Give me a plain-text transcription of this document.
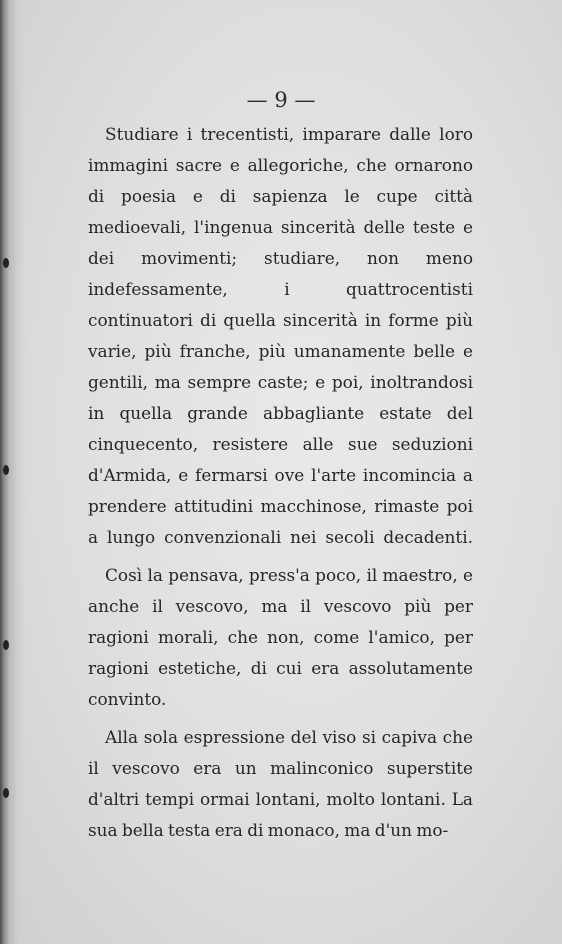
— 9 —

Studiare i trecentisti, imparare dalle loro immagini sacre e allegoriche, che ornarono di poesia e di sapienza le cupe città medioevali, l'ingenua sincerità delle teste e dei movimenti; studiare, non meno indefessamente, i quattrocentisti continuatori di quella sincerità in forme più varie, più franche, più umanamente belle e gentili, ma sempre caste; e poi, inoltrandosi in quella grande abbagliante estate del cinquecento, resistere alle sue seduzioni d'Armida, e fermarsi ove l'arte incomincia a prendere attitudini macchinose, rimaste poi a lungo convenzionali nei secoli decadenti.

Così la pensava, press'a poco, il maestro, e anche il vescovo, ma il vescovo più per ragioni morali, che non, come l'amico, per ragioni estetiche, di cui era assolutamente convinto.

Alla sola espressione del viso si capiva che il vescovo era un malinconico superstite d'altri tempi ormai lontani, molto lontani. La sua bella testa era di monaco, ma d'un mo-
